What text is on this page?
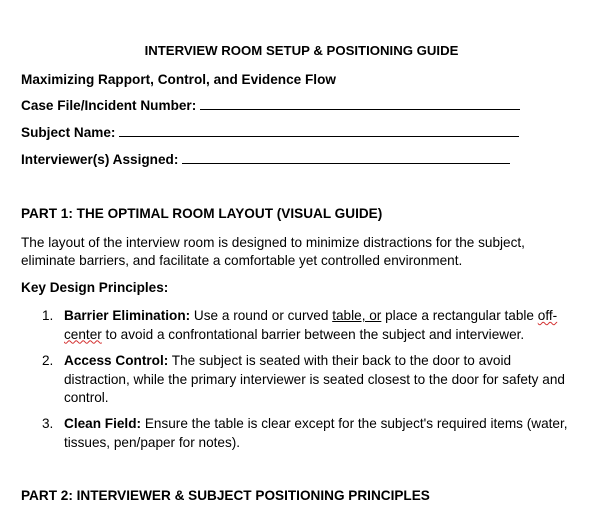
INTERVIEW ROOM SETUP & POSITIONING GUIDE
Maximizing Rapport, Control, and Evidence Flow
Case File/Incident Number:
Subject Name:
Interviewer(s) Assigned:
PART 1: THE OPTIMAL ROOM LAYOUT (VISUAL GUIDE)
The layout of the interview room is designed to minimize distractions for the subject,
eliminate barriers, and facilitate a comfortable yet controlled environment.
Key Design Principles:
1. Barrier Elimination: Use a round or curved table, or place a rectangular table off-center to avoid a confrontational barrier between the subject and interviewer.
2. Access Control: The subject is seated with their back to the door to avoid distraction, while the primary interviewer is seated closest to the door for safety and control.
3. Clean Field: Ensure the table is clear except for the subject's required items (water, tissues, pen/paper for notes).
PART 2: INTERVIEWER & SUBJECT POSITIONING PRINCIPLES
